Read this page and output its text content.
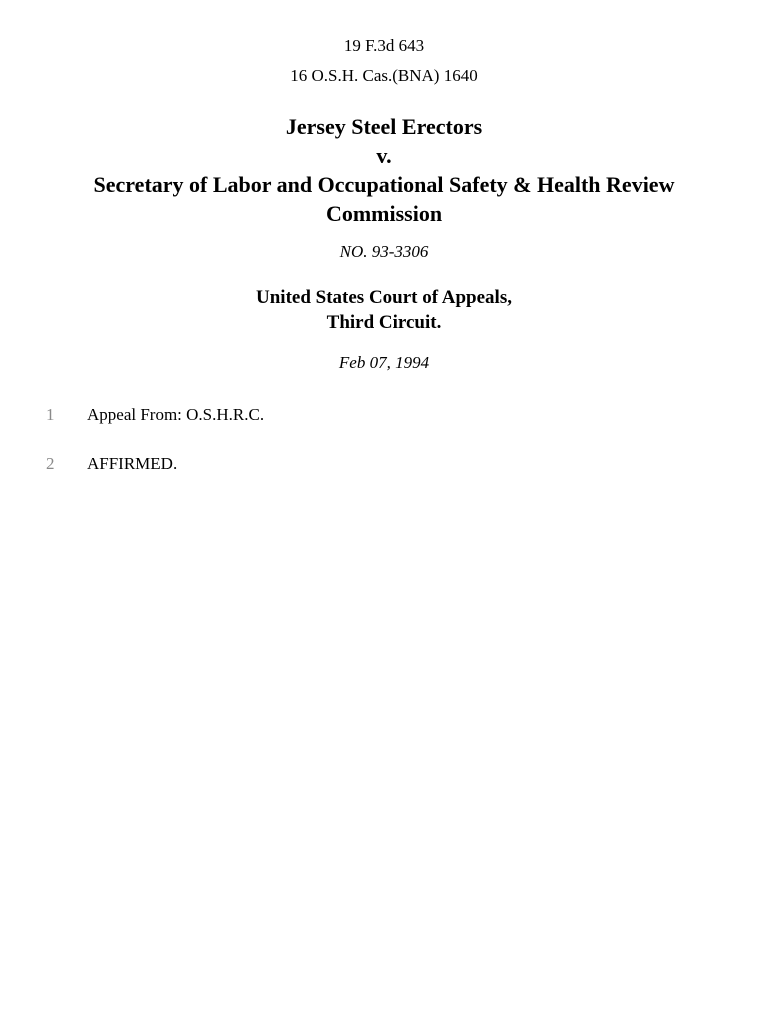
19 F.3d 643
16 O.S.H. Cas.(BNA) 1640
Jersey Steel Erectors
v.
Secretary of Labor and Occupational Safety & Health Review
Commission
NO. 93-3306
United States Court of Appeals,
Third Circuit.
Feb 07, 1994
1 Appeal From: O.S.H.R.C.
2 AFFIRMED.
